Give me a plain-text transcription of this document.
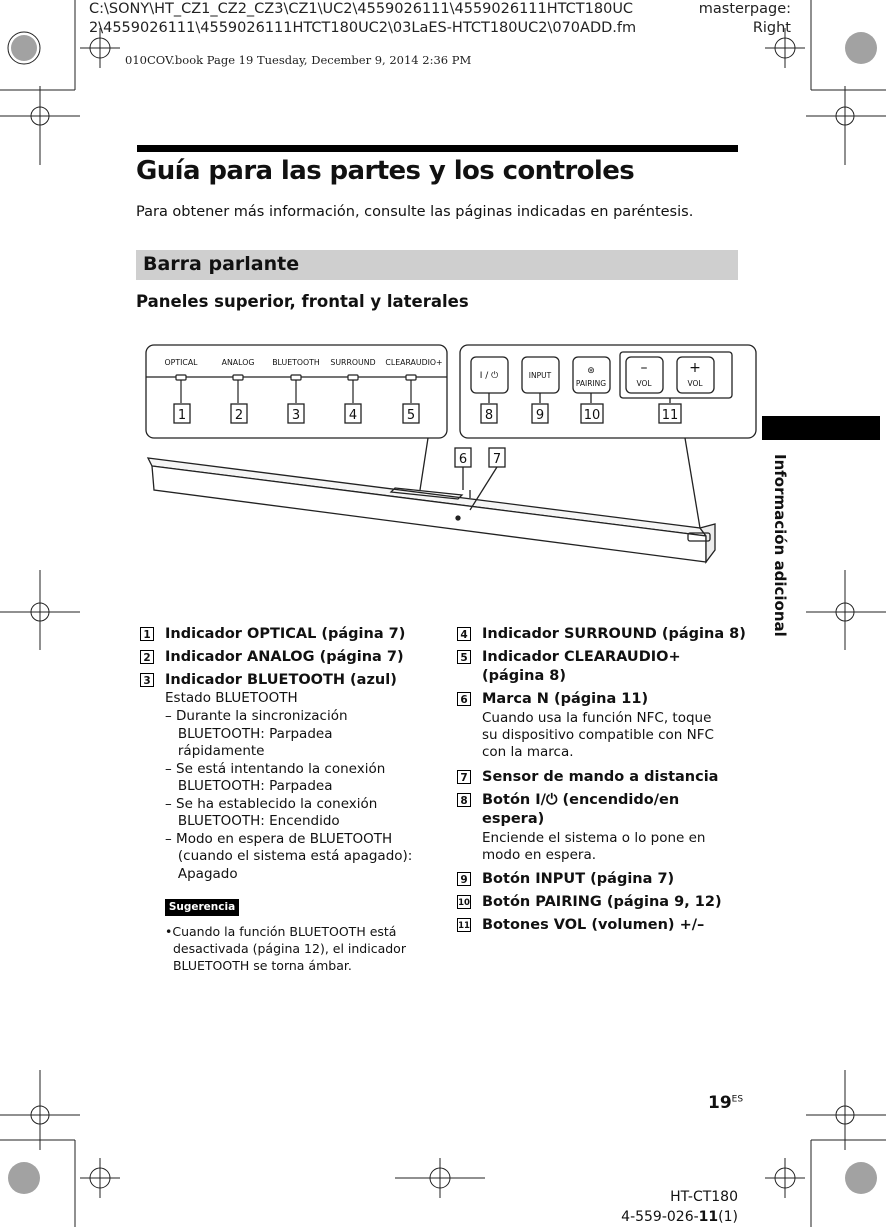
C:\SONY\HT_CZ1_CZ2_CZ3\CZ1\UC2\4559026111\4559026111HTCT180UC
2\4559026111\4559026111HTCT180UC2\03LaES-HTCT180UC2\070ADD.fm
masterpage:
Right
010COV.book Page 19 Tuesday, December 9, 2014 2:36 PM
Guía para las partes y los controles
Para obtener más información, consulte las páginas indicadas en paréntesis.
Barra parlante
Paneles superior, frontal y laterales
Información adicional
OPTICAL	ANALOG BLUETOOTH SURROUND CLEARAUDIO+
I / ⏻	INPUT
PAIRING
⊛	–
VOL
+
VOL
1	2	3	4	5
6 7
8	9	10	11
1 Indicador OPTICAL (página 7)
2 Indicador ANALOG (página 7)
3 Indicador BLUETOOTH (azul)
Estado BLUETOOTH
– Durante la sincronización
BLUETOOTH: Parpadea
rápidamente
– Se está intentando la conexión
BLUETOOTH: Parpadea
– Se ha establecido la conexión
BLUETOOTH: Encendido
– Modo en espera de BLUETOOTH
(cuando el sistema está apagado):
Apagado
Sugerencia
•Cuando la función BLUETOOTH está
desactivada (página 12), el indicador
BLUETOOTH se torna ámbar.
4 Indicador SURROUND (página 8)
5 Indicador CLEARAUDIO+
(página 8)
6 Marca N (página 11)
Cuando usa la función NFC, toque
su dispositivo compatible con NFC
con la marca.
7 Sensor de mando a distancia
8 Botón I/⏻ (encendido/en
espera)
Enciende el sistema o lo pone en
modo en espera.
9 Botón INPUT (página 7)
10 Botón PAIRING (página 9, 12)
11 Botones VOL (volumen) +/–
$19^{ES}$
HT-CT180
4-559-026-11(1)
